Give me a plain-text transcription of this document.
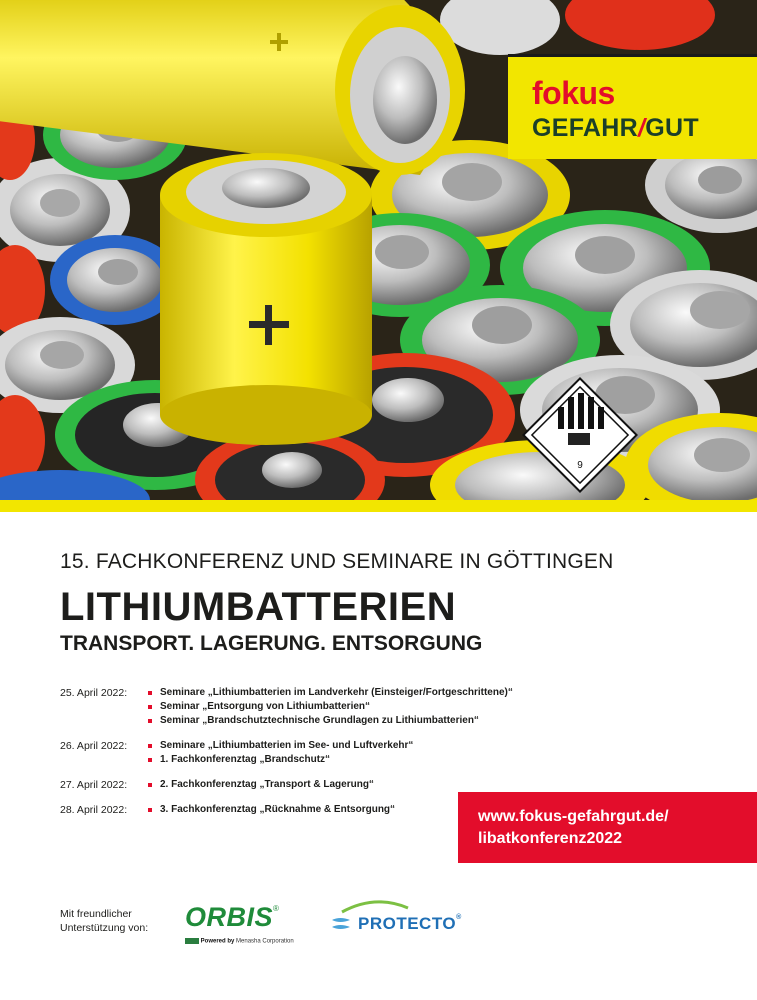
9
fokus
GEFAHR/GUT
15. FACHKONFERENZ UND SEMINARE IN GÖTTINGEN
LITHIUMBATTERIEN
TRANSPORT. LAGERUNG. ENTSORGUNG
25. April 2022:	Seminare „Lithiumbatterien im Landverkehr (Einsteiger/Fortgeschrittene)“
Seminar „Entsorgung von Lithiumbatterien“
Seminar „Brandschutztechnische Grundlagen zu Lithiumbatterien“
26. April 2022:	Seminare „Lithiumbatterien im See- und Luftverkehr“
1. Fachkonferenztag „Brandschutz“
27. April 2022:	2. Fachkonferenztag „Transport & Lagerung“
28. April 2022:	3. Fachkonferenztag „Rücknahme & Entsorgung“	www.fokus-gefahrgut.de/
libatkonferenz2022
Mit freundlicher
Unterstützung von: ORBIS®
Powered by Menasha Corporation
PROTECTO®
